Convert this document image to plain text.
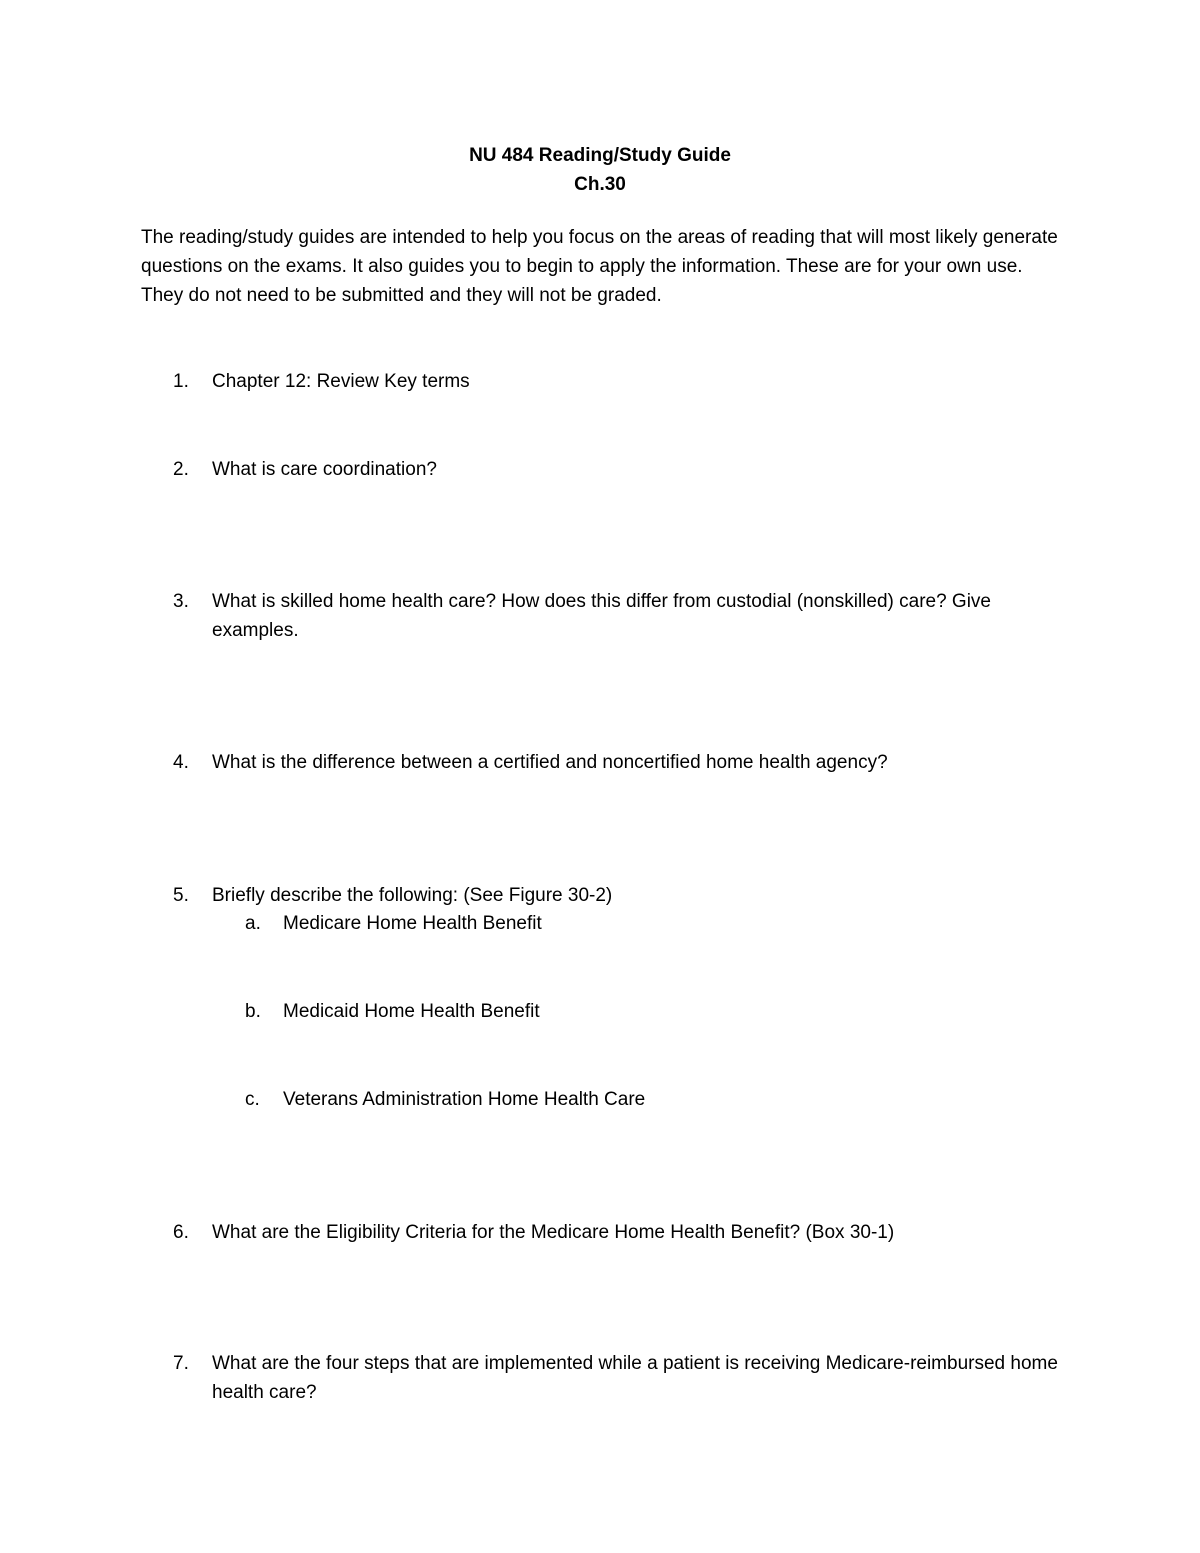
NU 484 Reading/Study Guide
Ch.30
The reading/study guides are intended to help you focus on the areas of reading that will most likely generate questions on the exams. It also guides you to begin to apply the information. These are for your own use. They do not need to be submitted and they will not be graded.
1. Chapter 12: Review Key terms
2. What is care coordination?
3. What is skilled home health care? How does this differ from custodial (nonskilled) care? Give examples.
4. What is the difference between a certified and noncertified home health agency?
5. Briefly describe the following: (See Figure 30-2)
a. Medicare Home Health Benefit
b. Medicaid Home Health Benefit
c. Veterans Administration Home Health Care
6. What are the Eligibility Criteria for the Medicare Home Health Benefit? (Box 30-1)
7. What are the four steps that are implemented while a patient is receiving Medicare-reimbursed home health care?
